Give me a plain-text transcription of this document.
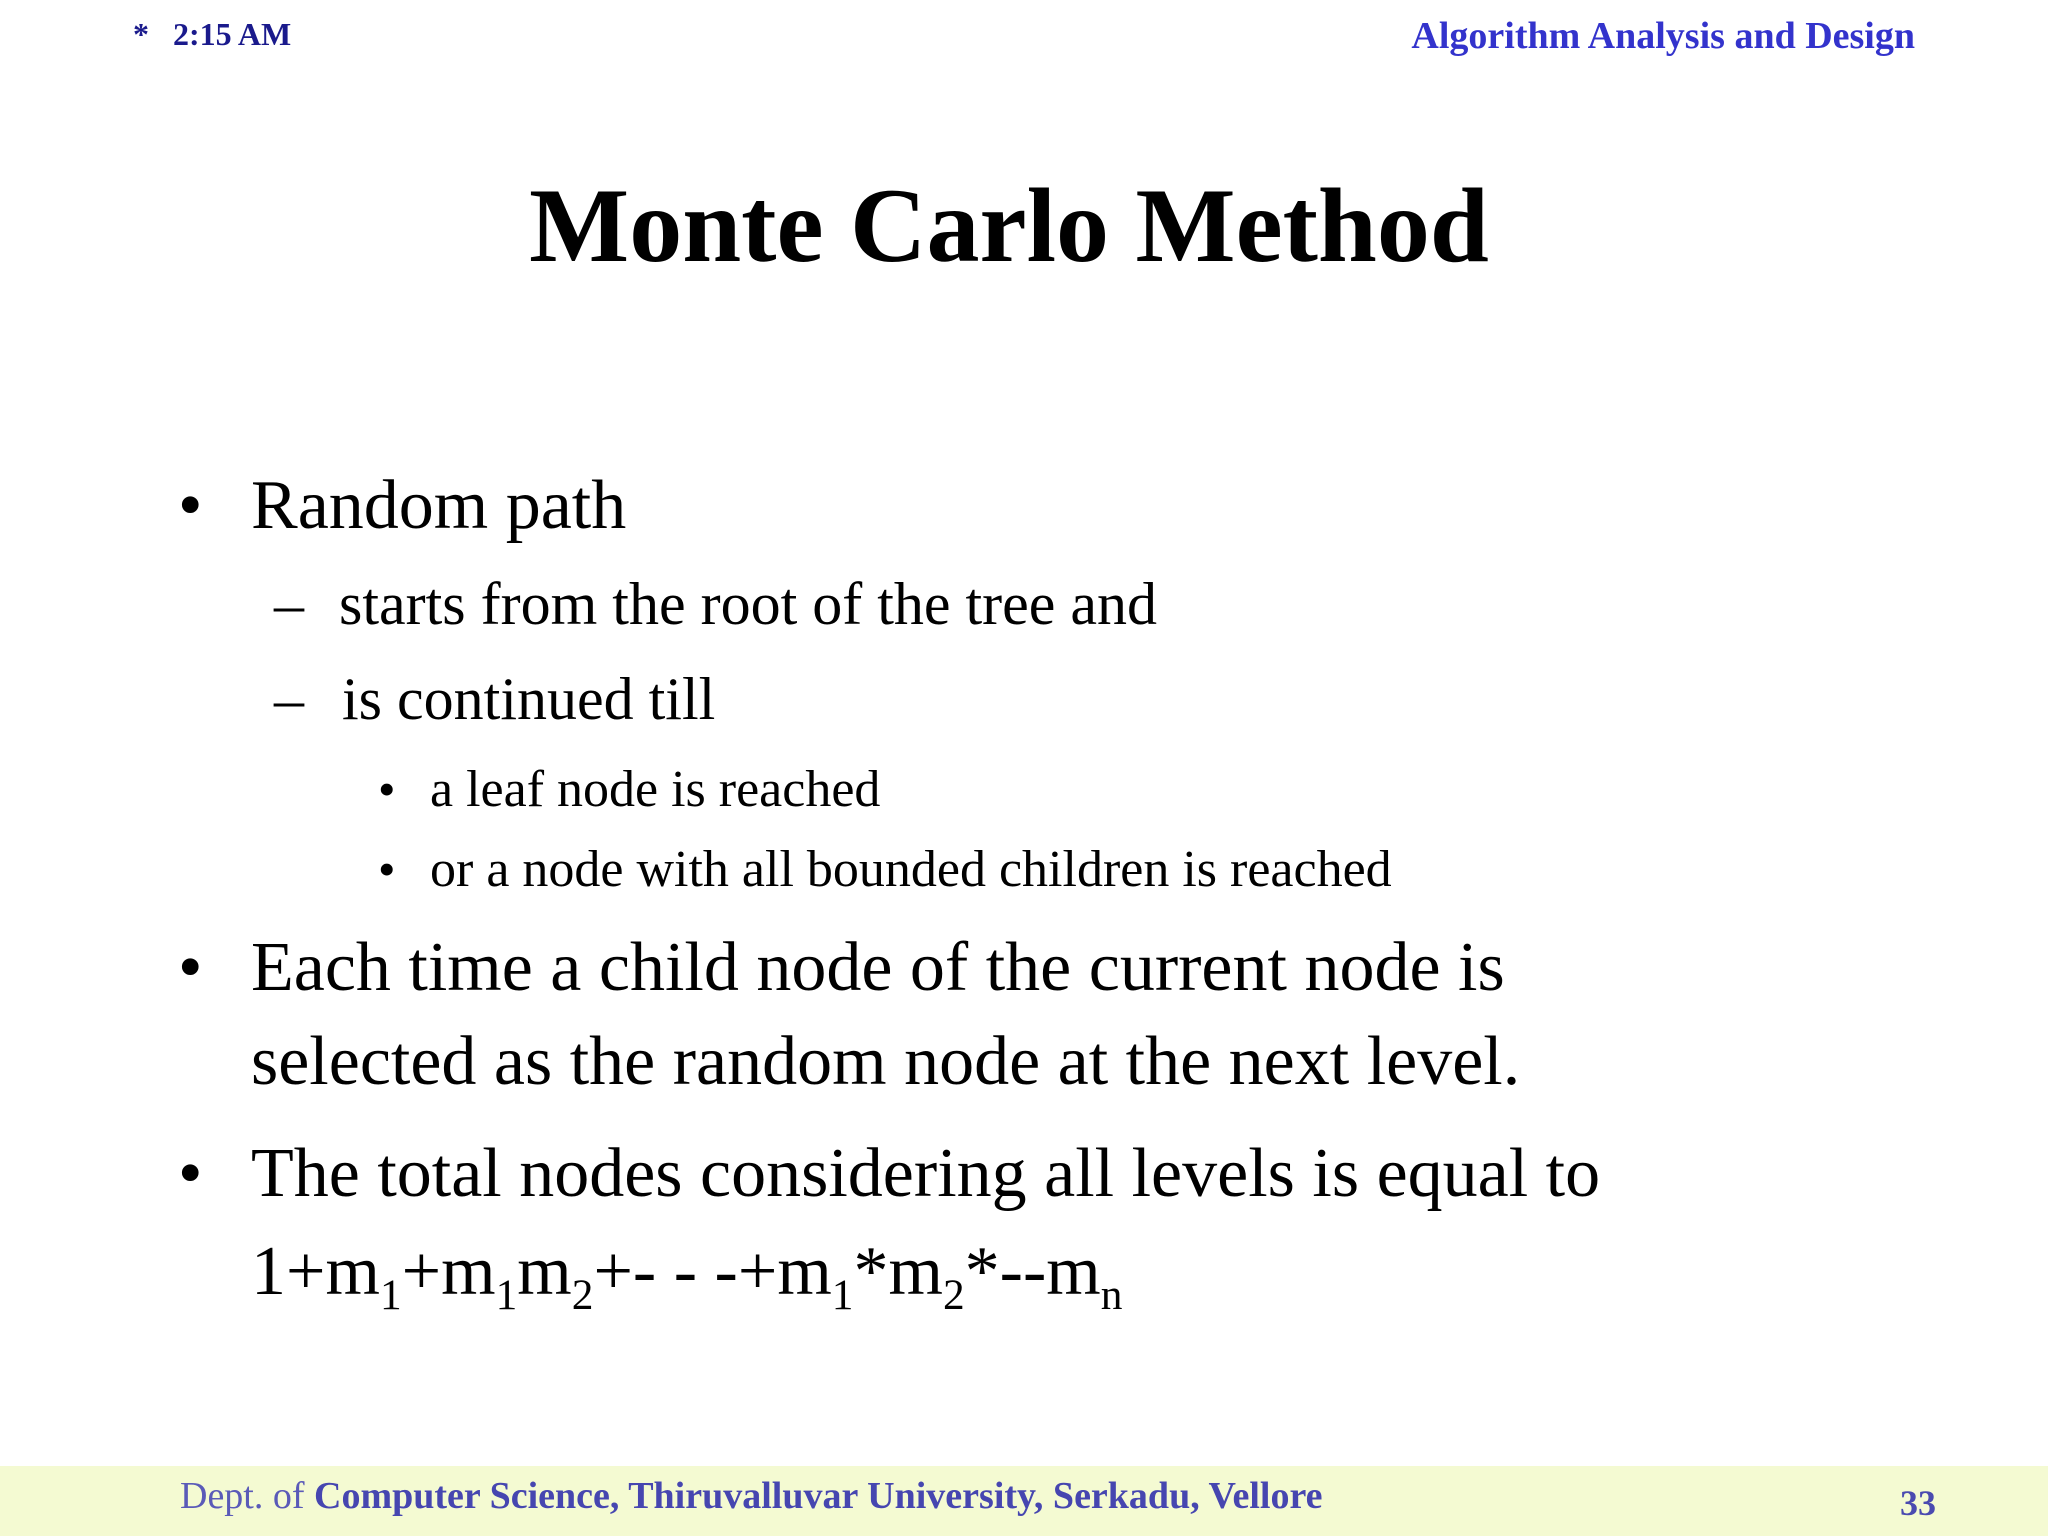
* 2:15 AM	Algorithm Analysis and Design
Monte Carlo Method
• Random path
– starts from the root of the tree and
– is continued till
• a leaf node is reached
• or a node with all bounded children is reached
• Each time a child node of the current node is
selected as the random node at the next level.
• The total nodes considering all levels is equal to
$1+m_1+m_1m_2+- - -+m_1*m_2*--m_n$
Dept. of Computer Science, Thiruvalluvar University, Serkadu, Vellore	33
